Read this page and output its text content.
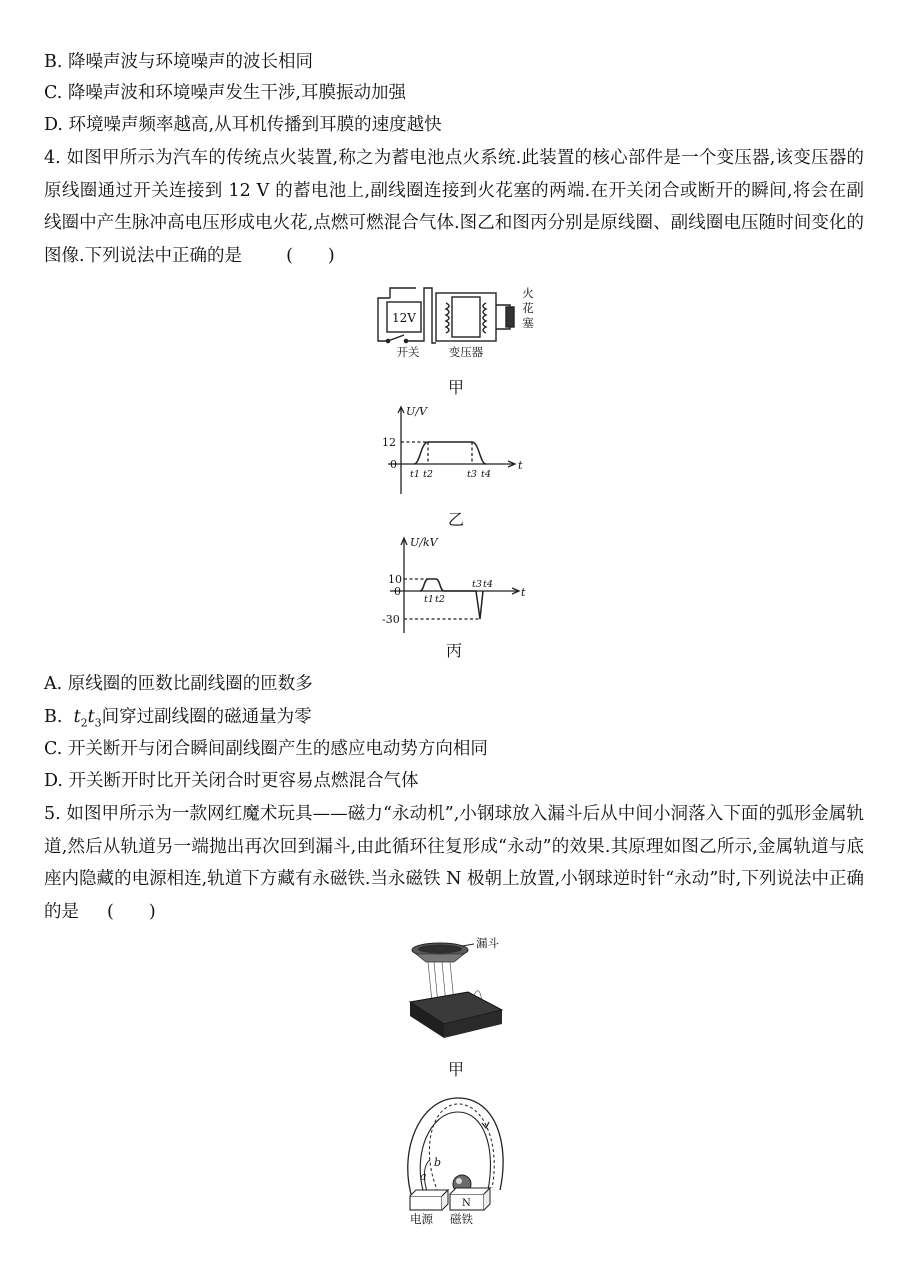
B. 降噪声波与环境噪声的波长相同
C. 降噪声波和环境噪声发生干涉,耳膜振动加强
D. 环境噪声频率越高,从耳机传播到耳膜的速度越快
4. 如图甲所示为汽车的传统点火装置,称之为蓄电池点火系统.此装置的核心部件是一个变压器,该变压器的原线圈通过开关连接到 12 V 的蓄电池上,副线圈连接到火花塞的两端.在开关闭合或断开的瞬间,将会在副线圈中产生脉冲高电压形成电火花,点燃可燃混合气体.图乙和图丙分别是原线圈、副线圈电压随时间变化的图像.下列说法中正确的是	(　　)
12V
开关	变压器
火
花
塞
甲
U/V
t
12
0
t1 t2	t3 t4
乙
U/kV
t
10
0
-30
t1 t2
t3 t4
丙
A. 原线圈的匝数比副线圈的匝数多
B.  $t_2t_3$间穿过副线圈的磁通量为零
C. 开关断开与闭合瞬间副线圈产生的感应电动势方向相同
D. 开关断开时比开关闭合时更容易点燃混合气体
5. 如图甲所示为一款网红魔术玩具——磁力“永动机”,小钢球放入漏斗后从中间小洞落入下面的弧形金属轨道,然后从轨道另一端抛出再次回到漏斗,由此循环往复形成“永动”的效果.其原理如图乙所示,金属轨道与底座内隐藏的电源相连,轨道下方藏有永磁铁.当永磁铁 N 极朝上放置,小钢球逆时针“永动”时,下列说法中正确的是 (　　)
漏斗
甲
a
b
N
电源 磁铁
